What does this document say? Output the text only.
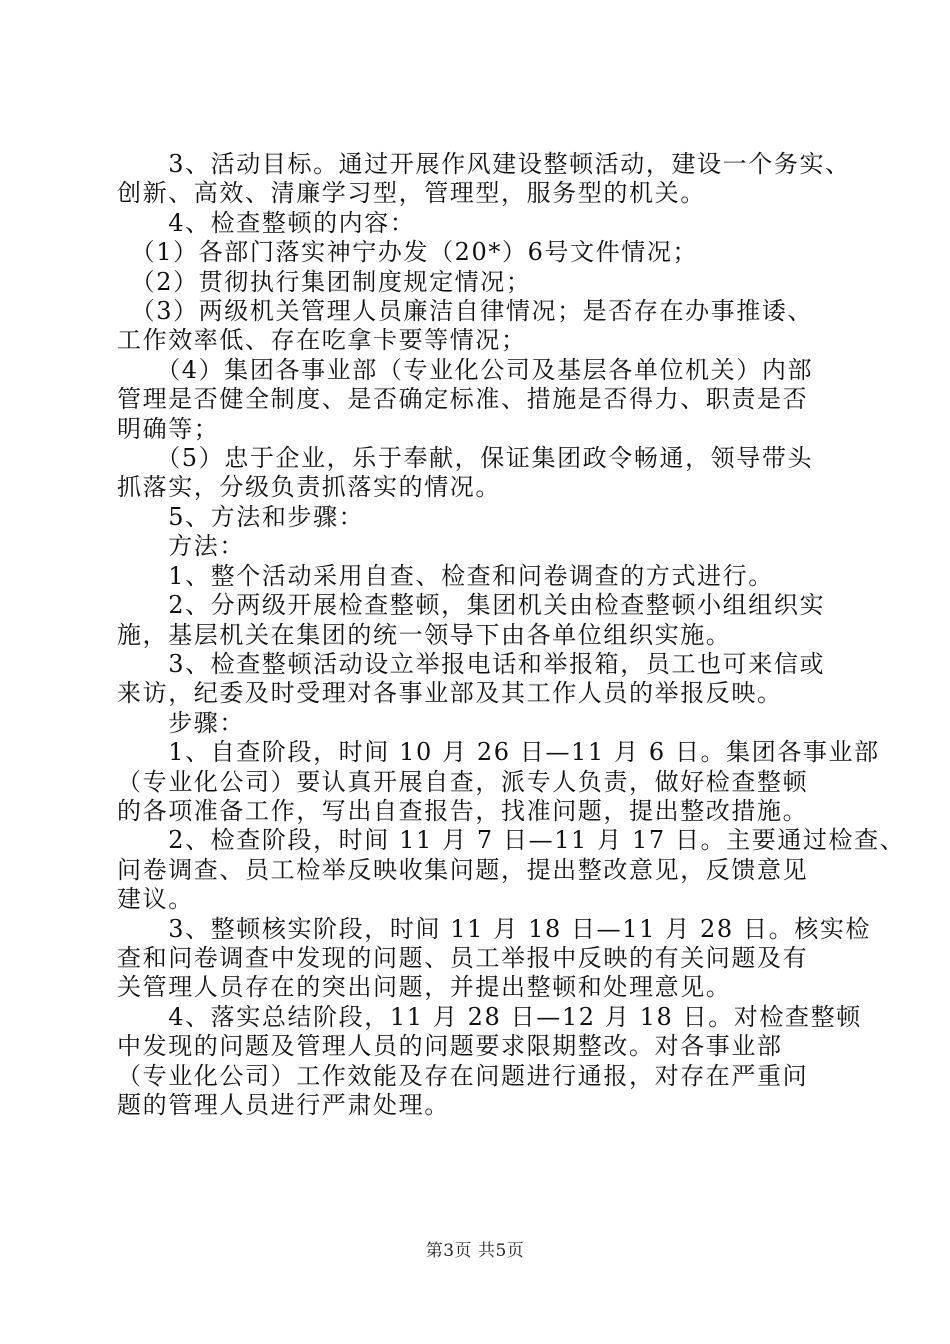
　　3、活动目标。通过开展作风建设整顿活动，建设一个务实、
创新、高效、清廉学习型，管理型，服务型的机关。
　　4、检查整顿的内容：
　（1）各部门落实神宁办发（20*）6号文件情况；
　（2）贯彻执行集团制度规定情况；
　（3）两级机关管理人员廉洁自律情况；是否存在办事推诿、
工作效率低、存在吃拿卡要等情况；
　　（4）集团各事业部（专业化公司及基层各单位机关）内部
管理是否健全制度、是否确定标准、措施是否得力、职责是否
明确等；
　　（5）忠于企业，乐于奉献，保证集团政令畅通，领导带头
抓落实，分级负责抓落实的情况。
　　5、方法和步骤：
　　方法：
　　1、整个活动采用自查、检查和问卷调查的方式进行。
　　2、分两级开展检查整顿，集团机关由检查整顿小组组织实
施，基层机关在集团的统一领导下由各单位组织实施。
　　3、检查整顿活动设立举报电话和举报箱，员工也可来信或
来访，纪委及时受理对各事业部及其工作人员的举报反映。
　　步骤：
　　1、自查阶段，时间 10 月 26 日—11 月 6 日。集团各事业部
（专业化公司）要认真开展自查，派专人负责，做好检查整顿
的各项准备工作，写出自查报告，找准问题，提出整改措施。
　　2、检查阶段，时间 11 月 7 日—11 月 17 日。主要通过检查、
问卷调查、员工检举反映收集问题，提出整改意见，反馈意见
建议。
　　3、整顿核实阶段，时间 11 月 18 日—11 月 28 日。核实检
查和问卷调查中发现的问题、员工举报中反映的有关问题及有
关管理人员存在的突出问题，并提出整顿和处理意见。
　　4、落实总结阶段，11 月 28 日—12 月 18 日。对检查整顿
中发现的问题及管理人员的问题要求限期整改。对各事业部
（专业化公司）工作效能及存在问题进行通报，对存在严重问
题的管理人员进行严肃处理。
第3页 共5页
